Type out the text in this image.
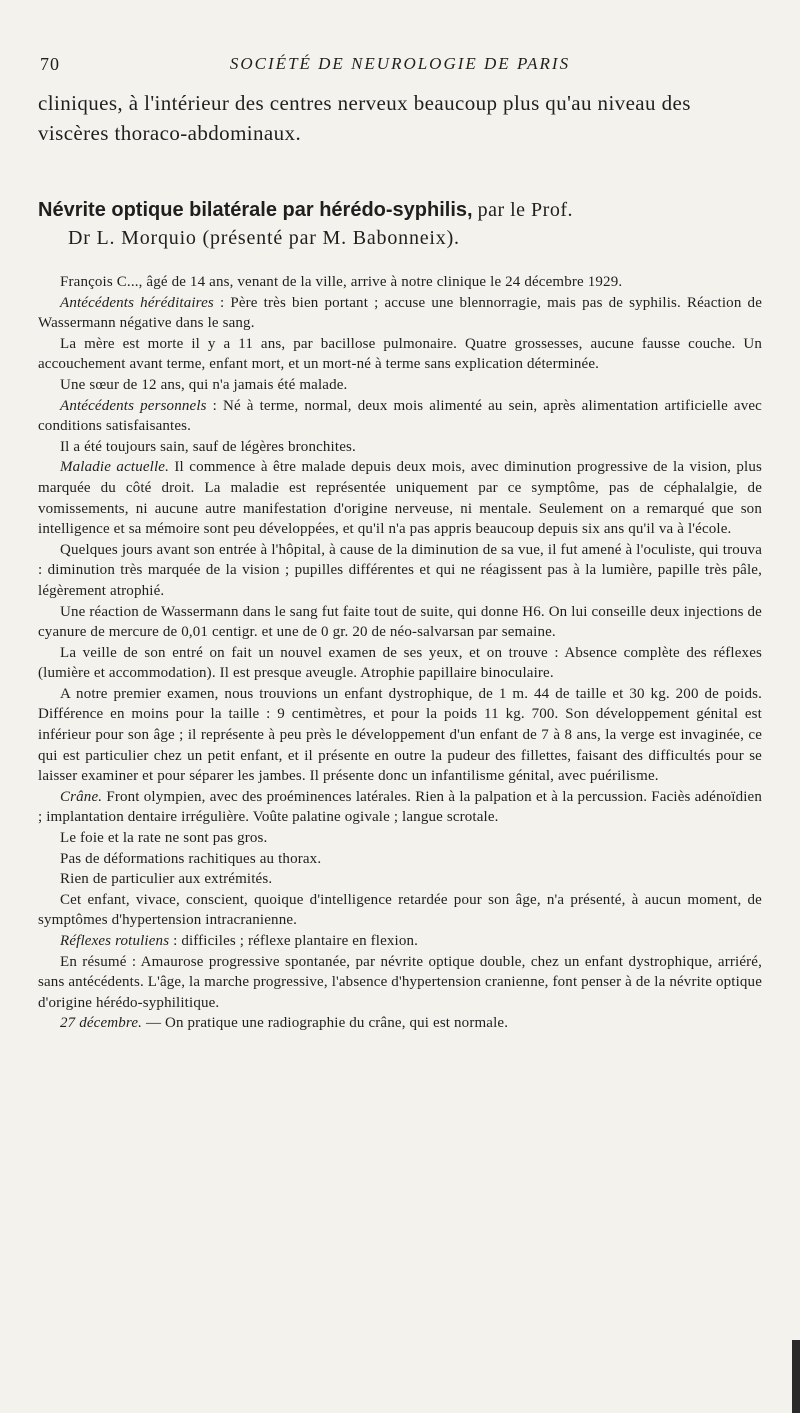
70	SOCIÉTÉ DE NEUROLOGIE DE PARIS

cliniques, à l'intérieur des centres nerveux beaucoup plus qu'au niveau des viscères thoraco-abdominaux.

Névrite optique bilatérale par hérédo-syphilis, par le Prof.
Dr L. Morquio (présenté par M. Babonneix).

François C..., âgé de 14 ans, venant de la ville, arrive à notre clinique le 24 décembre 1929.

Antécédents héréditaires : Père très bien portant ; accuse une blennorragie, mais pas de syphilis. Réaction de Wassermann négative dans le sang.

La mère est morte il y a 11 ans, par bacillose pulmonaire. Quatre grossesses, aucune fausse couche. Un accouchement avant terme, enfant mort, et un mort-né à terme sans explication déterminée.

Une sœur de 12 ans, qui n'a jamais été malade.

Antécédents personnels : Né à terme, normal, deux mois alimenté au sein, après alimentation artificielle avec conditions satisfaisantes.

Il a été toujours sain, sauf de légères bronchites.

Maladie actuelle. Il commence à être malade depuis deux mois, avec diminution progressive de la vision, plus marquée du côté droit. La maladie est représentée uniquement par ce symptôme, pas de céphalalgie, de vomissements, ni aucune autre manifestation d'origine nerveuse, ni mentale. Seulement on a remarqué que son intelligence et sa mémoire sont peu développées, et qu'il n'a pas appris beaucoup depuis six ans qu'il va à l'école.

Quelques jours avant son entrée à l'hôpital, à cause de la diminution de sa vue, il fut amené à l'oculiste, qui trouva : diminution très marquée de la vision ; pupilles différentes et qui ne réagissent pas à la lumière, papille très pâle, légèrement atrophié.

Une réaction de Wassermann dans le sang fut faite tout de suite, qui donne H6. On lui conseille deux injections de cyanure de mercure de 0,01 centigr. et une de 0 gr. 20 de néo-salvarsan par semaine.

La veille de son entré on fait un nouvel examen de ses yeux, et on trouve : Absence complète des réflexes (lumière et accommodation). Il est presque aveugle. Atrophie papillaire binoculaire.

A notre premier examen, nous trouvions un enfant dystrophique, de 1 m. 44 de taille et 30 kg. 200 de poids. Différence en moins pour la taille : 9 centimètres, et pour la poids 11 kg. 700. Son développement génital est inférieur pour son âge ; il représente à peu près le développement d'un enfant de 7 à 8 ans, la verge est invaginée, ce qui est particulier chez un petit enfant, et il présente en outre la pudeur des fillettes, faisant des difficultés pour se laisser examiner et pour séparer les jambes. Il présente donc un infantilisme génital, avec puérilisme.

Crâne. Front olympien, avec des proéminences latérales. Rien à la palpation et à la percussion. Faciès adénoïdien ; implantation dentaire irrégulière. Voûte palatine ogivale ; langue scrotale.

Le foie et la rate ne sont pas gros.

Pas de déformations rachitiques au thorax.

Rien de particulier aux extrémités.

Cet enfant, vivace, conscient, quoique d'intelligence retardée pour son âge, n'a présenté, à aucun moment, de symptômes d'hypertension intracranienne.

Réflexes rotuliens : difficiles ; réflexe plantaire en flexion.

En résumé : Amaurose progressive spontanée, par névrite optique double, chez un enfant dystrophique, arriéré, sans antécédents. L'âge, la marche progressive, l'absence d'hypertension cranienne, font penser à de la névrite optique d'origine hérédo-syphilitique.

27 décembre. — On pratique une radiographie du crâne, qui est normale.
